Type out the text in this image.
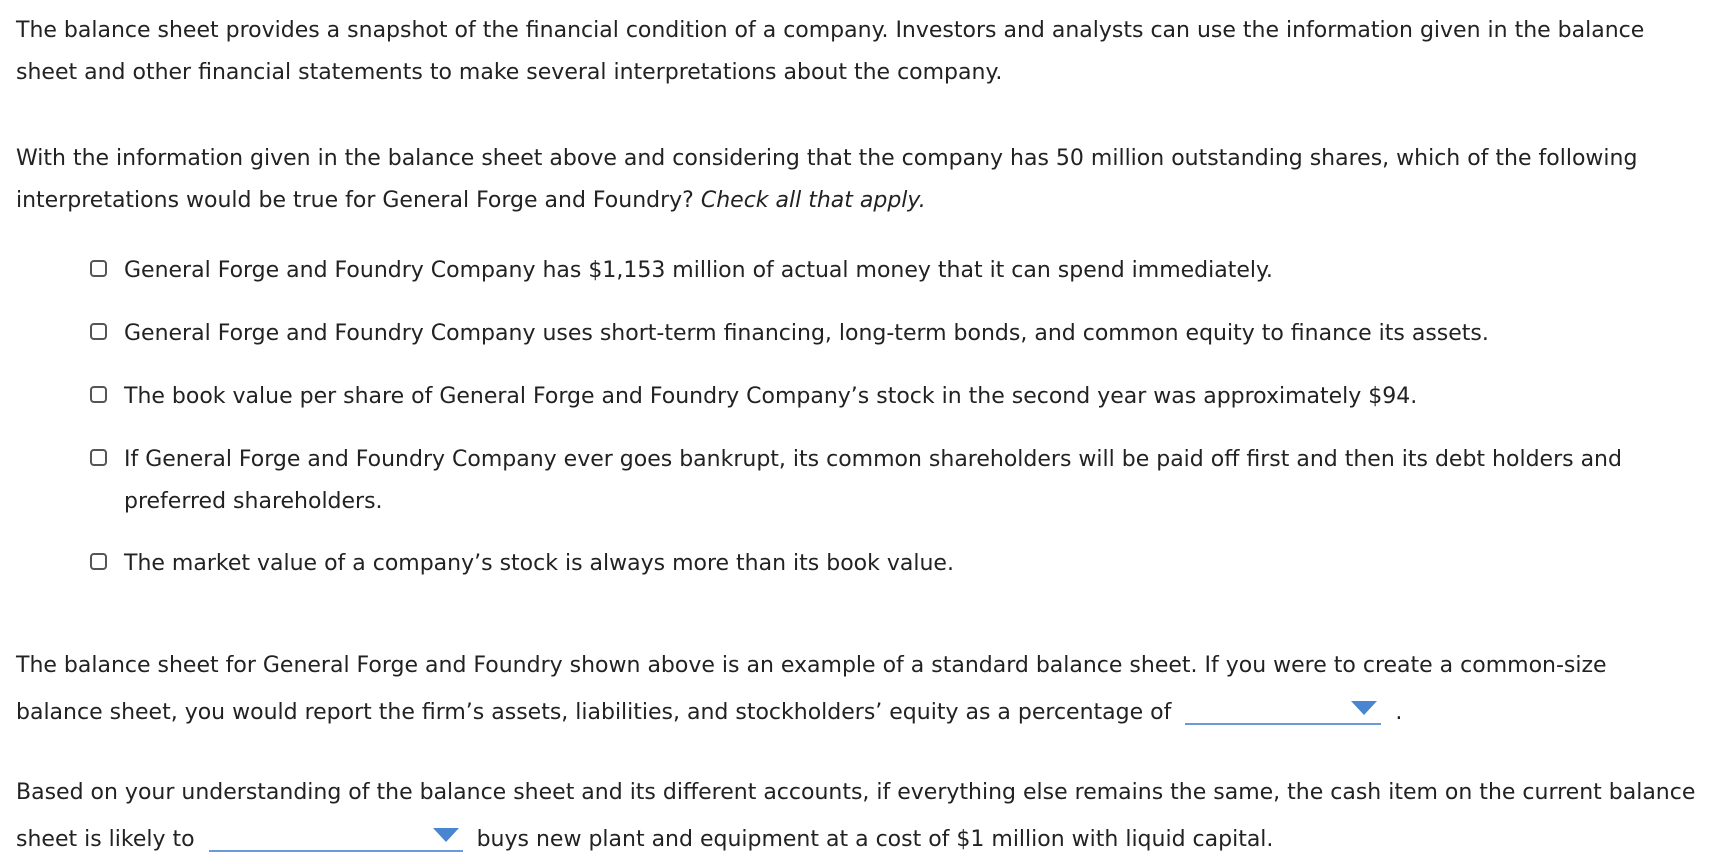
The balance sheet provides a snapshot of the financial condition of a company. Investors and analysts can use the information given in the balance sheet and other financial statements to make several interpretations about the company.

With the information given in the balance sheet above and considering that the company has 50 million outstanding shares, which of the following interpretations would be true for General Forge and Foundry? Check all that apply.

General Forge and Foundry Company has $1,153 million of actual money that it can spend immediately.
General Forge and Foundry Company uses short-term financing, long-term bonds, and common equity to finance its assets.
The book value per share of General Forge and Foundry Company’s stock in the second year was approximately $94.
If General Forge and Foundry Company ever goes bankrupt, its common shareholders will be paid off first and then its debt holders and preferred shareholders.
The market value of a company’s stock is always more than its book value.

The balance sheet for General Forge and Foundry shown above is an example of a standard balance sheet. If you were to create a common-size balance sheet, you would report the firm’s assets, liabilities, and stockholders’ equity as a percentage of	.

Based on your understanding of the balance sheet and its different accounts, if everything else remains the same, the cash item on the current balance sheet is likely to	buys new plant and equipment at a cost of $1 million with liquid capital.
